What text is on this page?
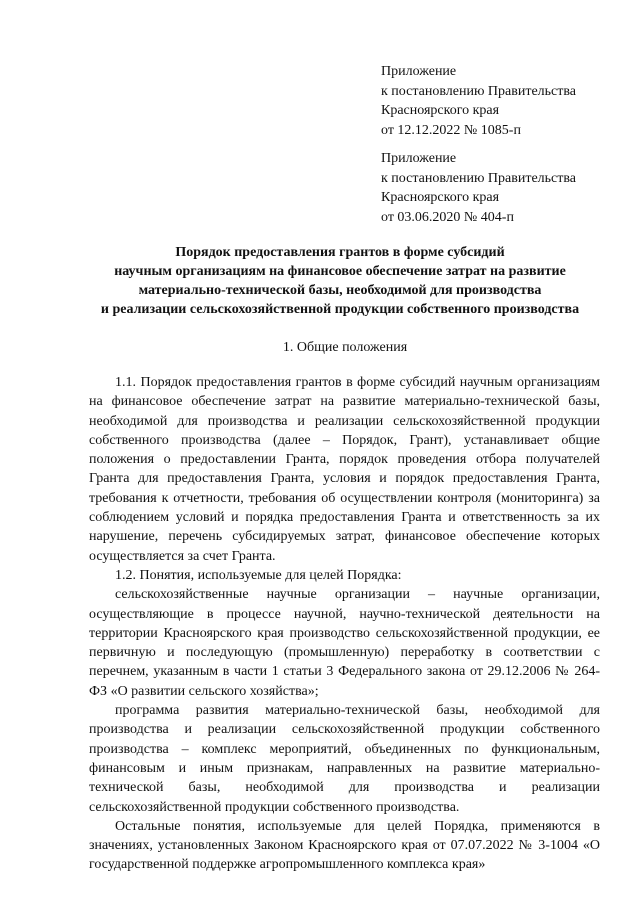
Приложение
к постановлению Правительства
Красноярского края
от 12.12.2022 № 1085-п
Приложение
к постановлению Правительства
Красноярского края
от 03.06.2020 № 404-п
Порядок предоставления грантов в форме субсидий
научным организациям на финансовое обеспечение затрат на развитие
материально-технической базы, необходимой для производства
и реализации сельскохозяйственной продукции собственного производства
1. Общие положения

1.1. Порядок предоставления грантов в форме субсидий научным организациям на финансовое обеспечение затрат на развитие материально-технической базы, необходимой для производства и реализации сельскохозяйственной продукции собственного производства (далее – Порядок, Грант), устанавливает общие положения о предоставлении Гранта, порядок проведения отбора получателей Гранта для предоставления Гранта, условия и порядок предоставления Гранта, требования к отчетности, требования об осуществлении контроля (мониторинга) за соблюдением условий и порядка предоставления Гранта и ответственность за их нарушение, перечень субсидируемых затрат, финансовое обеспечение которых осуществляется за счет Гранта.

1.2. Понятия, используемые для целей Порядка:

сельскохозяйственные научные организации – научные организации, осуществляющие в процессе научной, научно-технической деятельности на территории Красноярского края производство сельскохозяйственной продукции, ее первичную и последующую (промышленную) переработку в соответствии с перечнем, указанным в части 1 статьи 3 Федерального закона от 29.12.2006 № 264- ФЗ «О развитии сельского хозяйства»;

программа развития материально-технической базы, необходимой для производства и реализации сельскохозяйственной продукции собственного производства – комплекс мероприятий, объединенных по функциональным, финансовым и иным признакам, направленных на развитие материально-технической базы, необходимой для производства и реализации сельскохозяйственной продукции собственного производства.

Остальные понятия, используемые для целей Порядка, применяются в значениях, установленных Законом Красноярского края от 07.07.2022 № 3-1004 «О государственной поддержке агропромышленного комплекса края»
